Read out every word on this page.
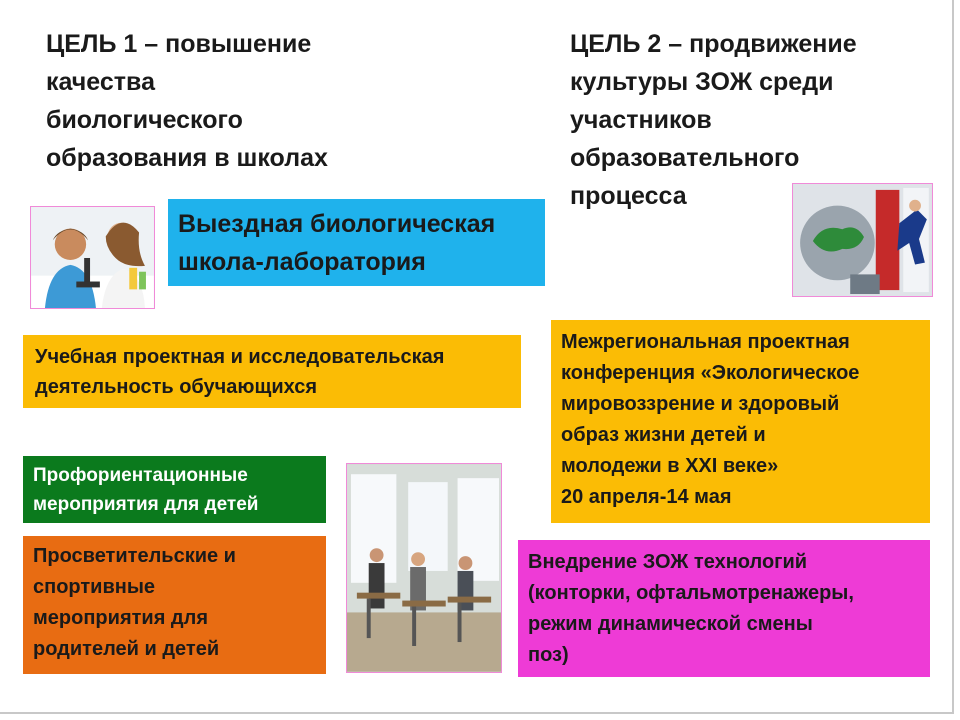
ЦЕЛЬ 1 – повышение
качества
биологического
образования в школах
ЦЕЛЬ 2 – продвижение
культуры ЗОЖ среди
участников
образовательного
процесса
Выездная биологическая
школа-лаборатория
Учебная проектная и исследовательская
деятельность обучающихся
Межрегиональная проектная
конференция «Экологическое
мировоззрение и здоровый
образ жизни детей и
молодежи в XXI веке»
20 апреля-14 мая
Профориентационные
мероприятия для детей
Просветительские и
спортивные
мероприятия для
родителей и детей
Внедрение ЗОЖ технологий
(конторки, офтальмотренажеры,
режим динамической смены
поз)
